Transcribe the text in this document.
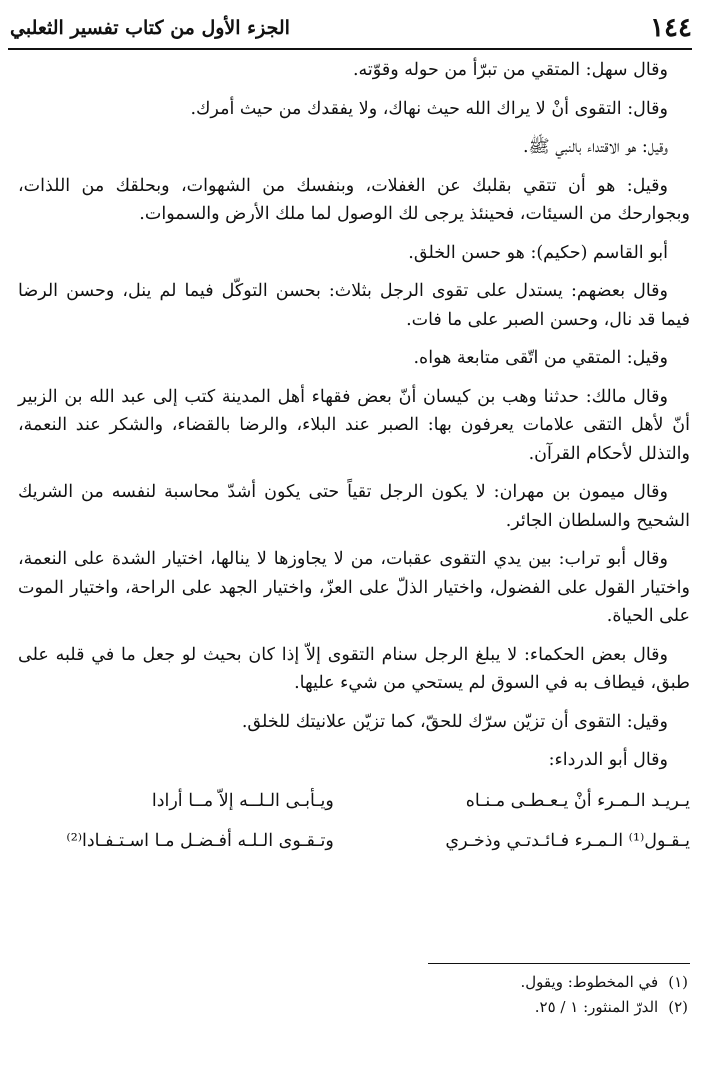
١٤٤
الجزء الأول من كتاب تفسير الثعلبي

وقال سهل: المتقي من تبرّأ من حوله وقوّته.

وقال: التقوى أنْ لا يراك الله حيث نهاك، ولا يفقدك من حيث أمرك.

وقيل: هو الاقتداء بالنبي ﷺ.

وقيل: هو أن تتقي بقلبك عن الغفلات، وبنفسك من الشهوات، وبحلقك من اللذات، وبجوارحك من السيئات، فحينئذ يرجى لك الوصول لما ملك الأرض والسموات.

أبو القاسم (حكيم): هو حسن الخلق.

وقال بعضهم: يستدل على تقوى الرجل بثلاث: بحسن التوكّل فيما لم ينل، وحسن الرضا فيما قد نال، وحسن الصبر على ما فات.

وقيل: المتقي من اتّقى متابعة هواه.

وقال مالك: حدثنا وهب بن كيسان أنّ بعض فقهاء أهل المدينة كتب إلى عبد الله بن الزبير أنّ لأهل التقى علامات يعرفون بها: الصبر عند البلاء، والرضا بالقضاء، والشكر عند النعمة، والتذلل لأحكام القرآن.

وقال ميمون بن مهران: لا يكون الرجل تقياً حتى يكون أشدّ محاسبة لنفسه من الشريك الشحيح والسلطان الجائر.

وقال أبو تراب: بين يدي التقوى عقبات، من لا يجاوزها لا ينالها، اختيار الشدة على النعمة، واختيار القول على الفضول، واختيار الذلّ على العزّ، واختيار الجهد على الراحة، واختيار الموت على الحياة.

وقال بعض الحكماء: لا يبلغ الرجل سنام التقوى إلاّ إذا كان بحيث لو جعل ما في قلبه على طبق، فيطاف به في السوق لم يستحي من شيء عليها.

وقيل: التقوى أن تزيّن سرّك للحقّ، كما تزيّن علانيتك للخلق.

وقال أبو الدرداء:

يـريـد الـمـرء أنْ يـعـطـى مـنـاه
ويـأبـى الـلــه إلاّ مــا أرادا
يـقـول⁽¹⁾ الـمـرء فـائـدتـي وذخـري
وتـقـوى الـلـه أفـضـل مـا اسـتـفـادا⁽²⁾
(١)
في المخطوط: ويقول.
(٢)
الدرّ المنثور: ١ / ٢٥.
